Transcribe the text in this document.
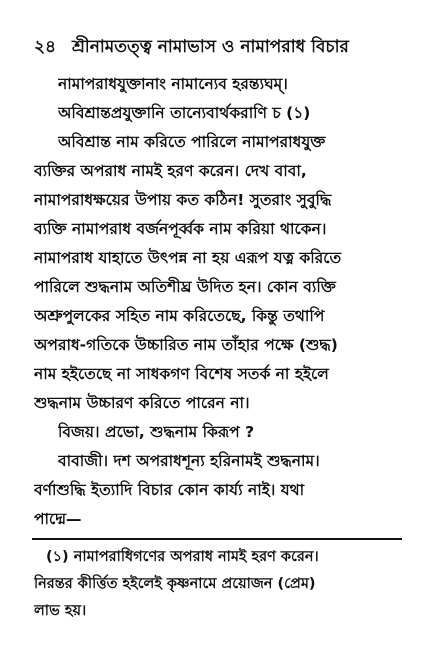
২৪ শ্রীনামতত্ত্ব নামাভাস ও নামাপরাধ বিচার
নামাপরাধযুক্তানাং নামান্যেব হরন্ত্যঘম্।
অবিশ্রান্তপ্রযুক্তানি তান্যেবার্থকরাণি চ (১)
অবিশ্রান্ত নাম করিতে পারিলে নামাপরাধযুক্ত
ব্যক্তির অপরাধ নামই হরণ করেন। দেখ বাবা,
নামাপরাধক্ষয়ের উপায় কত কঠিন! সুতরাং সুবুদ্ধি
ব্যক্তি নামাপরাধ বর্জনপূর্ব্বক নাম করিয়া থাকেন।
নামাপরাধ যাহাতে উৎপন্ন না হয় এরূপ যত্ন করিতে
পারিলে শুদ্ধনাম অতিশীঘ্র উদিত হন। কোন ব্যক্তি
অশ্রুপুলকের সহিত নাম করিতেছে, কিন্তু তথাপি
অপরাধ-গতিকে উচ্চারিত নাম তাঁহার পক্ষে (শুদ্ধ)
নাম হইতেছে না সাধকগণ বিশেষ সতর্ক না হইলে
শুদ্ধনাম উচ্চারণ করিতে পারেন না।
বিজয়। প্রভো, শুদ্ধনাম কিরূপ ?
বাবাজী। দশ অপরাধশূন্য হরিনামই শুদ্ধনাম।
বর্ণাশুদ্ধি ইত্যাদি বিচার কোন কার্য্য নাই। যথা
পাদ্মে—
(১) নামাপরাধিগণের অপরাধ নামই হরণ করেন।
নিরন্তর কীর্ত্তিত হইলেই কৃষ্ণনামে প্রয়োজন (প্রেম)
লাভ হয়।
